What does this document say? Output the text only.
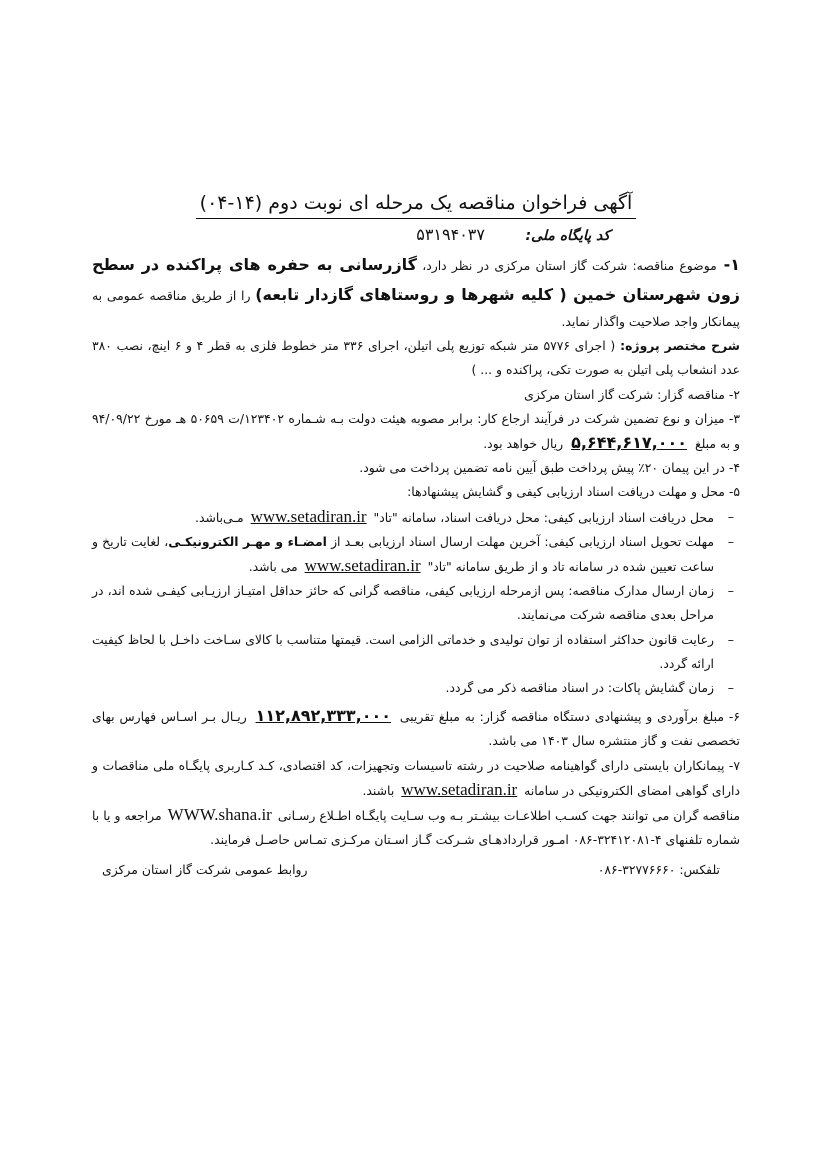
آگهی فراخوان مناقصه یک مرحله ای نوبت دوم (۱۴-۰۴)
کد پایگاه ملی: ۵۳۱۹۴۰۳۷

۱- موضوع مناقصه: شرکت گاز استان مرکزی در نظر دارد، گازرسانی به حفره های پراکنده در سطح زون شهرستان خمین ( کلیه شهرها و روستاهای گازدار تابعه) را از طریق مناقصه عمومی به پیمانکار واجد صلاحیت واگذار نماید.

شرح مختصر پروژه: ( اجرای ۵۷۷۶ متر شبکه توزیع پلی اتیلن، اجرای ۳۳۶ متر خطوط فلزی به قطر ۴ و ۶ اینچ، نصب ۳۸۰ عدد انشعاب پلی اتیلن به صورت تکی، پراکنده و ... )

۲- مناقصه گزار: شرکت گاز استان مرکزی

۳- میزان و نوع تضمین شرکت در فرآیند ارجاع کار: برابر مصوبه هیئت دولت بـه شـماره ۱۲۳۴۰۲/ت ۵۰۶۵۹ هـ مورخ ۹۴/۰۹/۲۲ و به مبلغ ۵,۶۴۴,۶۱۷,۰۰۰ ریال خواهد بود.

۴- در این پیمان ۲۰٪ پیش پرداخت طبق آیین نامه تضمین پرداخت می شود.

۵- محل و مهلت دریافت اسناد ارزیابی کیفی و گشایش پیشنهادها:

–
محل دریافت اسناد ارزیابی کیفی: محل دریافت اسناد، سامانه "تاد" www.setadiran.ir مـی‌باشد.
–
مهلت تحویل اسناد ارزیابی کیفی: آخرین مهلت ارسال اسناد ارزیابی بعـد از امضـاء و مهـر الکترونیکـی، لغایت تاریخ و ساعت تعیین شده در سامانه تاد و از طریق سامانه "تاد" www.setadiran.ir می باشد.
–
زمان ارسال مدارک مناقصه: پس ازمرحله ارزیابی کیفی، مناقصه گرانی که حائز حداقل امتیـاز ارزیـابی کیفـی شده اند، در مراحل بعدی مناقصه شرکت می‌نمایند.
–
رعایت قانون حداکثر استفاده از توان تولیدی و خدماتی الزامی است. قیمتها متناسب با کالای سـاخت داخـل با لحاظ کیفیت ارائه گردد.
–
زمان گشایش پاکات: در اسناد مناقصه ذکر می گردد.

۶- مبلغ برآوردی و پیشنهادی دستگاه مناقصه گزار: به مبلغ تقریبی ۱۱۲,۸۹۲,۳۳۳,۰۰۰ ریـال بـر اسـاس فهارس بهای تخصصی نفت و گاز منتشره سال ۱۴۰۳ می باشد.

۷- پیمانکاران بایستی دارای گواهینامه صلاحیت در رشته تاسیسات وتجهیزات، کد اقتصادی، کـد کـاربری پایگـاه ملی مناقصات و دارای گواهی امضای الکترونیکی در سامانه www.setadiran.ir باشند.

مناقصه گران می توانند جهت کسـب اطلاعـات بیشـتر بـه وب سـایت پایگـاه اطـلاع رسـانی WWW.shana.ir مراجعه و یا با شماره تلفنهای ۴-۳۲۴۱۲۰۸۱-۰۸۶ امـور قراردادهـای شـرکت گـاز اسـتان مرکـزی تمـاس حاصـل فرمایند.

تلفکس: ۳۲۷۷۶۶۶۰-۰۸۶
روابط عمومی شرکت گاز استان مرکزی
